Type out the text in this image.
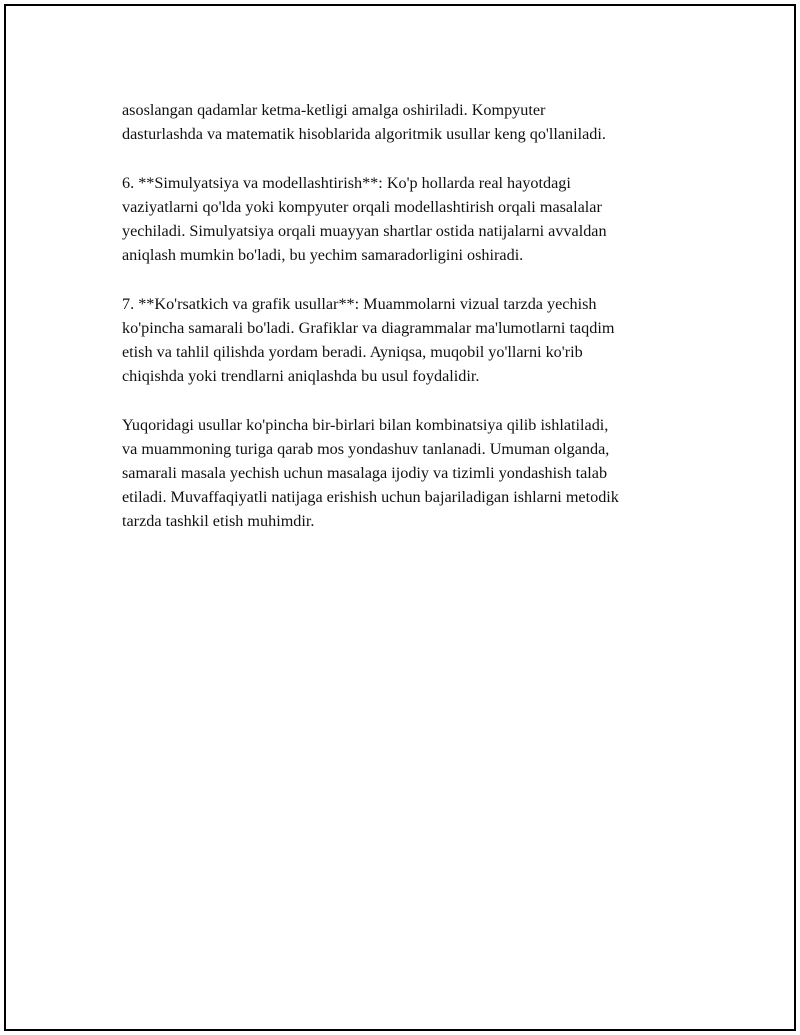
asoslangan qadamlar ketma-ketligi amalga oshiriladi. Kompyuter
dasturlashda va matematik hisoblarida algoritmik usullar keng qo'llaniladi.

6. **Simulyatsiya va modellashtirish**: Ko'p hollarda real hayotdagi
vaziyatlarni qo'lda yoki kompyuter orqali modellashtirish orqali masalalar
yechiladi. Simulyatsiya orqali muayyan shartlar ostida natijalarni avvaldan
aniqlash mumkin bo'ladi, bu yechim samaradorligini oshiradi.

7. **Ko'rsatkich va grafik usullar**: Muammolarni vizual tarzda yechish
ko'pincha samarali bo'ladi. Grafiklar va diagrammalar ma'lumotlarni taqdim
etish va tahlil qilishda yordam beradi. Ayniqsa, muqobil yo'llarni ko'rib
chiqishda yoki trendlarni aniqlashda bu usul foydalidir.

Yuqoridagi usullar ko'pincha bir-birlari bilan kombinatsiya qilib ishlatiladi,
va muammoning turiga qarab mos yondashuv tanlanadi. Umuman olganda,
samarali masala yechish uchun masalaga ijodiy va tizimli yondashish talab
etiladi. Muvaffaqiyatli natijaga erishish uchun bajariladigan ishlarni metodik
tarzda tashkil etish muhimdir.
